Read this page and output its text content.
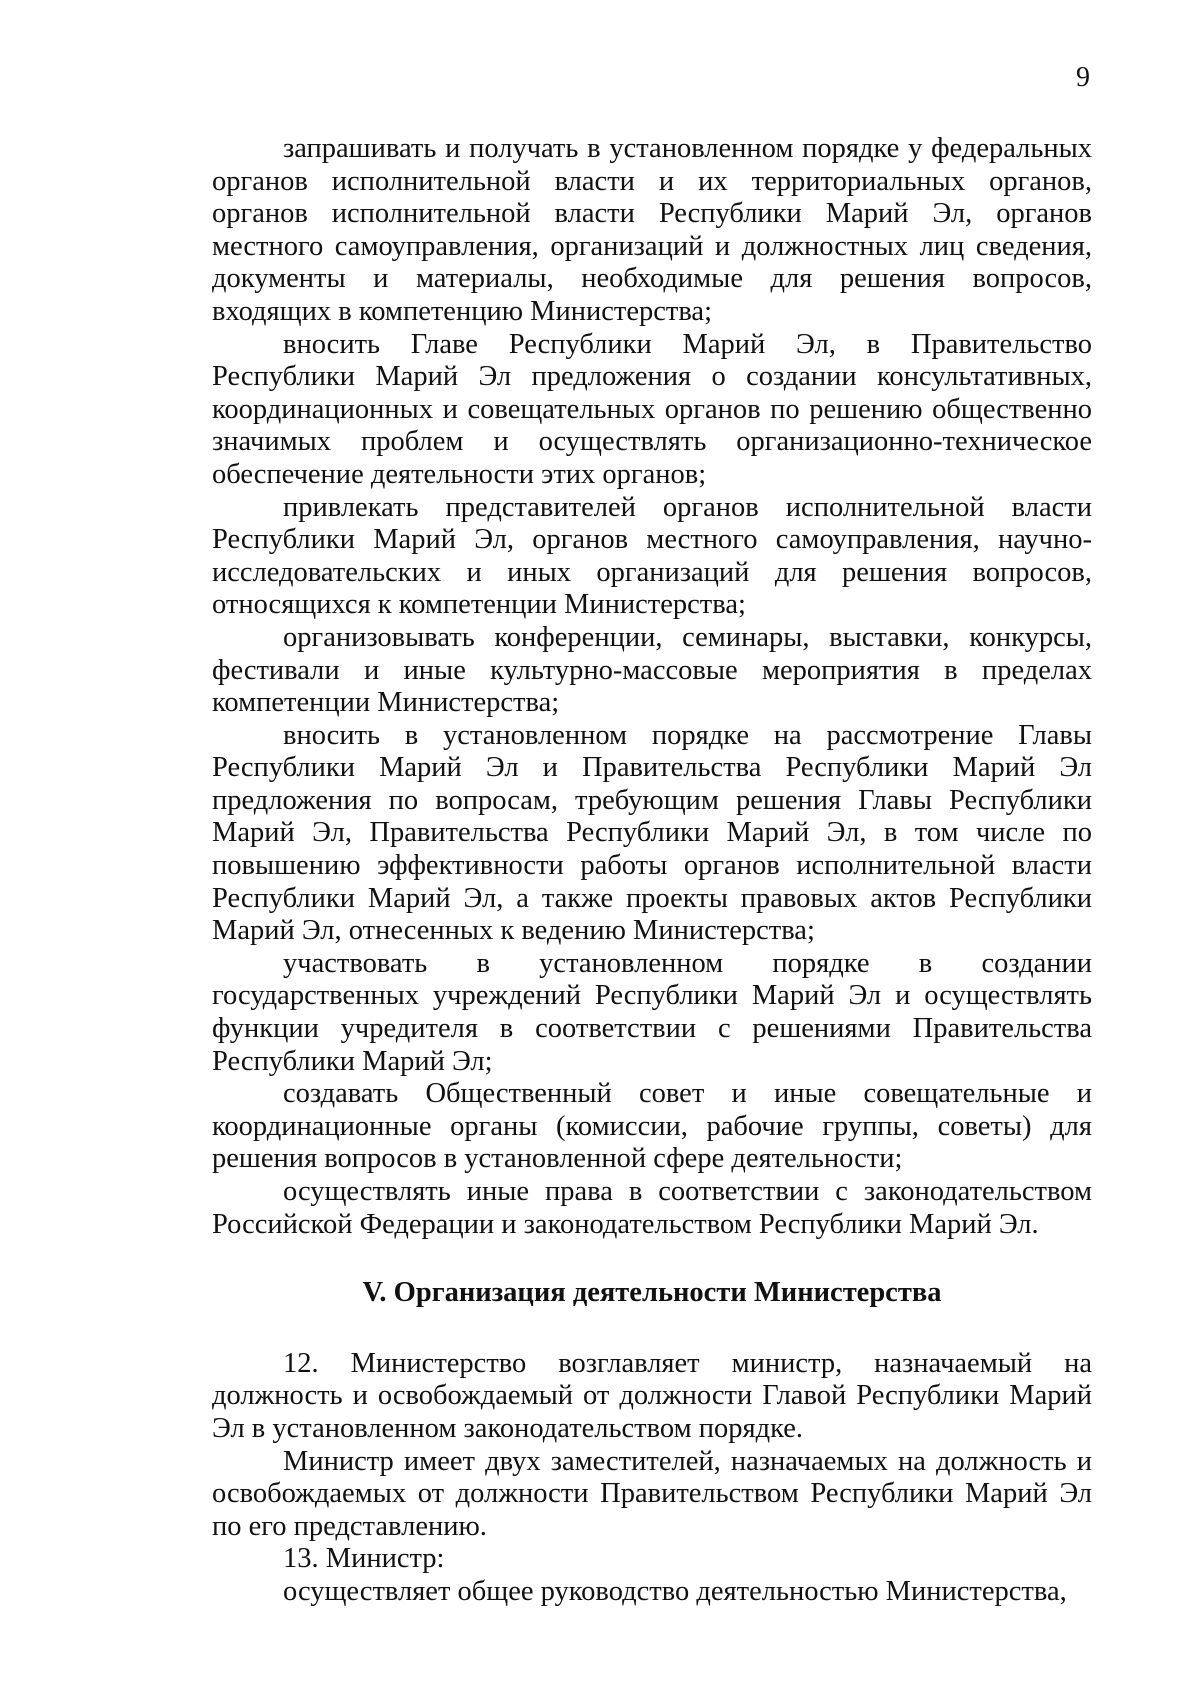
9

запрашивать и получать в установленном порядке у федеральных органов исполнительной власти и их территориальных органов, органов исполнительной власти Республики Марий Эл, органов местного самоуправления, организаций и должностных лиц сведения, документы и материалы, необходимые для решения вопросов, входящих в компетенцию Министерства;

вносить Главе Республики Марий Эл, в Правительство Республики Марий Эл предложения о создании консультативных, координационных и совещательных органов по решению общественно значимых проблем и осуществлять организационно-техническое обеспечение деятельности этих органов;

привлекать представителей органов исполнительной власти Республики Марий Эл, органов местного самоуправления, научно-исследовательских и иных организаций для решения вопросов, относящихся к компетенции Министерства;

организовывать конференции, семинары, выставки, конкурсы, фестивали и иные культурно-массовые мероприятия в пределах компетенции Министерства;

вносить в установленном порядке на рассмотрение Главы Республики Марий Эл и Правительства Республики Марий Эл предложения по вопросам, требующим решения Главы Республики Марий Эл, Правительства Республики Марий Эл, в том числе по повышению эффективности работы органов исполнительной власти Республики Марий Эл, а также проекты правовых актов Республики Марий Эл, отнесенных к ведению Министерства;

участвовать в установленном порядке в создании государственных учреждений Республики Марий Эл и осуществлять функции учредителя в соответствии с решениями Правительства Республики Марий Эл;

создавать Общественный совет и иные совещательные и координационные органы (комиссии, рабочие группы, советы) для решения вопросов в установленной сфере деятельности;

осуществлять иные права в соответствии с законодательством Российской Федерации и законодательством Республики Марий Эл.

V. Организация деятельности Министерства

12. Министерство возглавляет министр, назначаемый на должность и освобождаемый от должности Главой Республики Марий Эл в установленном законодательством порядке.

Министр имеет двух заместителей, назначаемых на должность и освобождаемых от должности Правительством Республики Марий Эл по его представлению.

13. Министр:

осуществляет общее руководство деятельностью Министерства,
